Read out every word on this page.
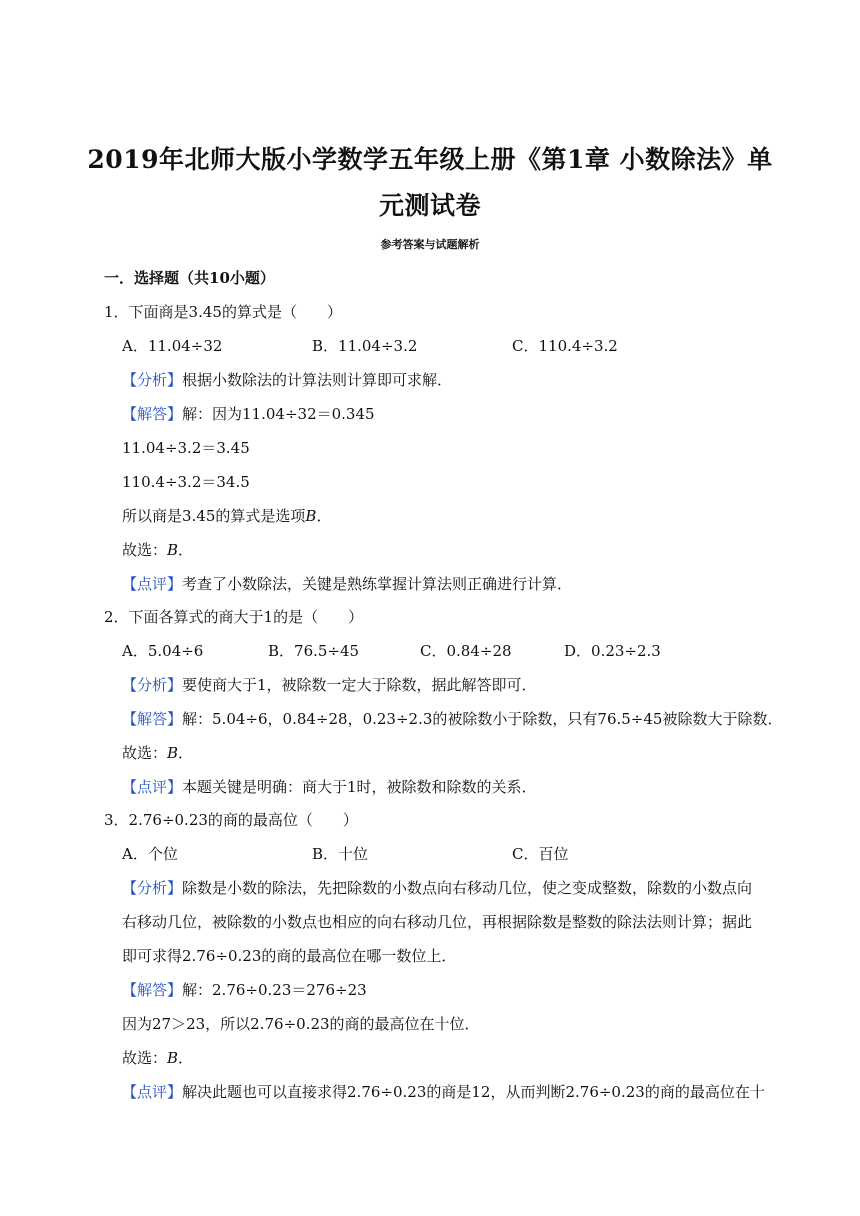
2019年北师大版小学数学五年级上册《第1章 小数除法》单
元测试卷
参考答案与试题解析
一．选择题（共10小题）
1．下面商是3.45的算式是（　　）
A．11.04÷32	B．11.04÷3.2	C．110.4÷3.2
【分析】根据小数除法的计算法则计算即可求解．
【解答】解：因为11.04÷32＝0.345
11.04÷3.2＝3.45
110.4÷3.2＝34.5
所以商是3.45的算式是选项B．
故选：B．
【点评】考查了小数除法，关键是熟练掌握计算法则正确进行计算．
2．下面各算式的商大于1的是（　　）
A．5.04÷6	B．76.5÷45	C．0.84÷28	D．0.23÷2.3
【分析】要使商大于1，被除数一定大于除数，据此解答即可．
【解答】解：5.04÷6，0.84÷28，0.23÷2.3的被除数小于除数，只有76.5÷45被除数大于除数．
故选：B．
【点评】本题关键是明确：商大于1时，被除数和除数的关系．
3．2.76÷0.23的商的最高位（　　）
A．个位	B．十位	C．百位
【分析】除数是小数的除法，先把除数的小数点向右移动几位，使之变成整数，除数的小数点向
右移动几位，被除数的小数点也相应的向右移动几位，再根据除数是整数的除法法则计算；据此
即可求得2.76÷0.23的商的最高位在哪一数位上．
【解答】解：2.76÷0.23＝276÷23
因为27＞23，所以2.76÷0.23的商的最高位在十位．
故选：B．
【点评】解决此题也可以直接求得2.76÷0.23的商是12，从而判断2.76÷0.23的商的最高位在十
